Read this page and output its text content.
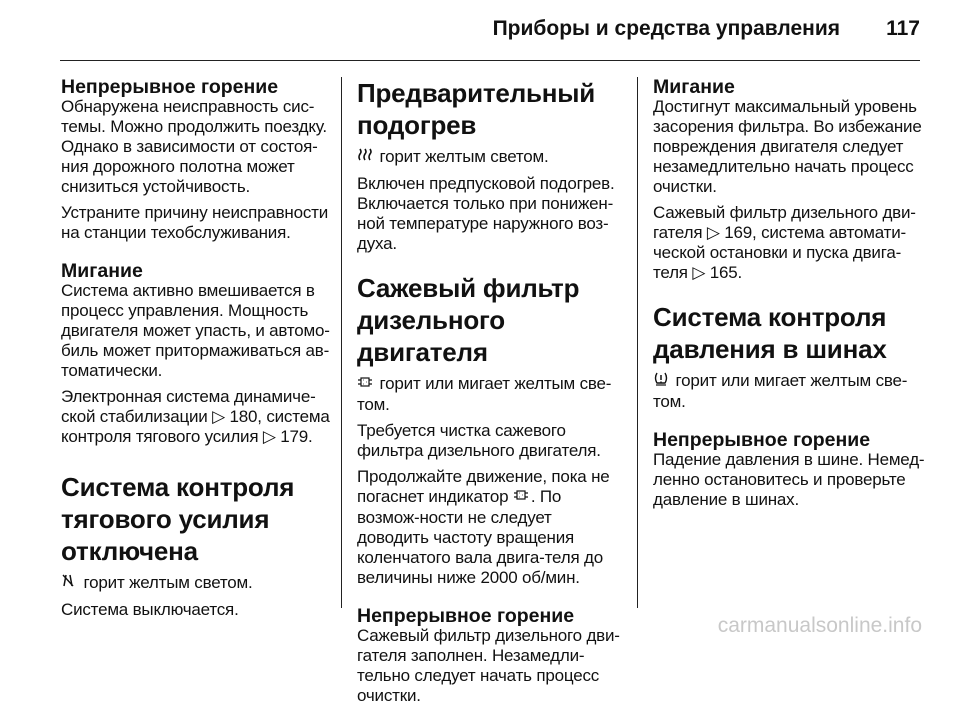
Приборы и средства управления 117
Непрерывное горение

Обнаружена неисправность сис-темы. Можно продолжить поездку. Однако в зависимости от состоя-ния дорожного полотна может снизиться устойчивость.

Устраните причину неисправности на станции техобслуживания.

Мигание

Система активно вмешивается в процесс управления. Мощность двигателя может упасть, и автомо-биль может притормаживаться ав-томатически.

Электронная система динамиче-ской стабилизации ▷ 180, система контроля тягового усилия ▷ 179.

Система контроля тягового усилия отключена

горит желтым светом.

Система выключается.

Предварительный подогрев

горит желтым светом.

Включен предпусковой подогрев. Включается только при понижен-ной температуре наружного воз-духа.

Сажевый фильтр дизельного двигателя

горит или мигает желтым све-том.

Требуется чистка сажевого фильтра дизельного двигателя.

Продолжайте движение, пока не погаснет индикатор . По возмож-ности не следует доводить частоту вращения коленчатого вала двига-теля до величины ниже 2000 об/мин.

Непрерывное горение

Сажевый фильтр дизельного дви-гателя заполнен. Незамедли-тельно следует начать процесс очистки.

Мигание

Достигнут максимальный уровень засорения фильтра. Во избежание повреждения двигателя следует незамедлительно начать процесс очистки.

Сажевый фильтр дизельного дви-гателя ▷ 169, система автомати-ческой остановки и пуска двига-теля ▷ 165.

Система контроля давления в шинах

горит или мигает желтым све-том.

Непрерывное горение

Падение давления в шине. Немед-ленно остановитесь и проверьте давление в шинах.

carmanualsonline.info
